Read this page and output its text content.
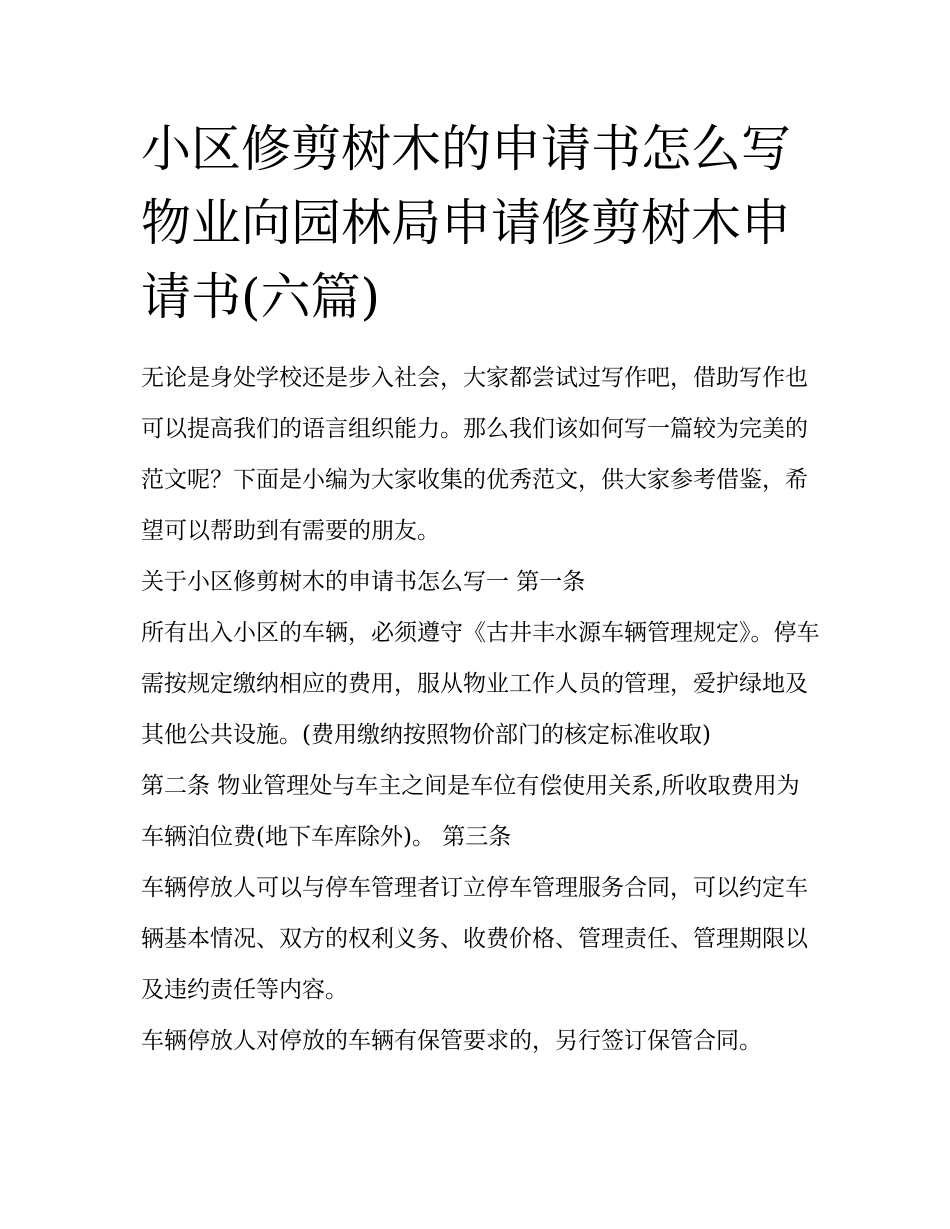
小区修剪树木的申请书怎么写物业向园林局申请修剪树木申请书(六篇)

无论是身处学校还是步入社会，大家都尝试过写作吧，借助写作也可以提高我们的语言组织能力。那么我们该如何写一篇较为完美的范文呢？下面是小编为大家收集的优秀范文，供大家参考借鉴，希望可以帮助到有需要的朋友。

关于小区修剪树木的申请书怎么写一 第一条

所有出入小区的车辆，必须遵守《古井丰水源车辆管理规定》。停车需按规定缴纳相应的费用，服从物业工作人员的管理，爱护绿地及其他公共设施。(费用缴纳按照物价部门的核定标准收取)

第二条 物业管理处与车主之间是车位有偿使用关系,所收取费用为车辆泊位费(地下车库除外)。 第三条

车辆停放人可以与停车管理者订立停车管理服务合同，可以约定车辆基本情况、双方的权利义务、收费价格、管理责任、管理期限以及违约责任等内容。

车辆停放人对停放的车辆有保管要求的，另行签订保管合同。
